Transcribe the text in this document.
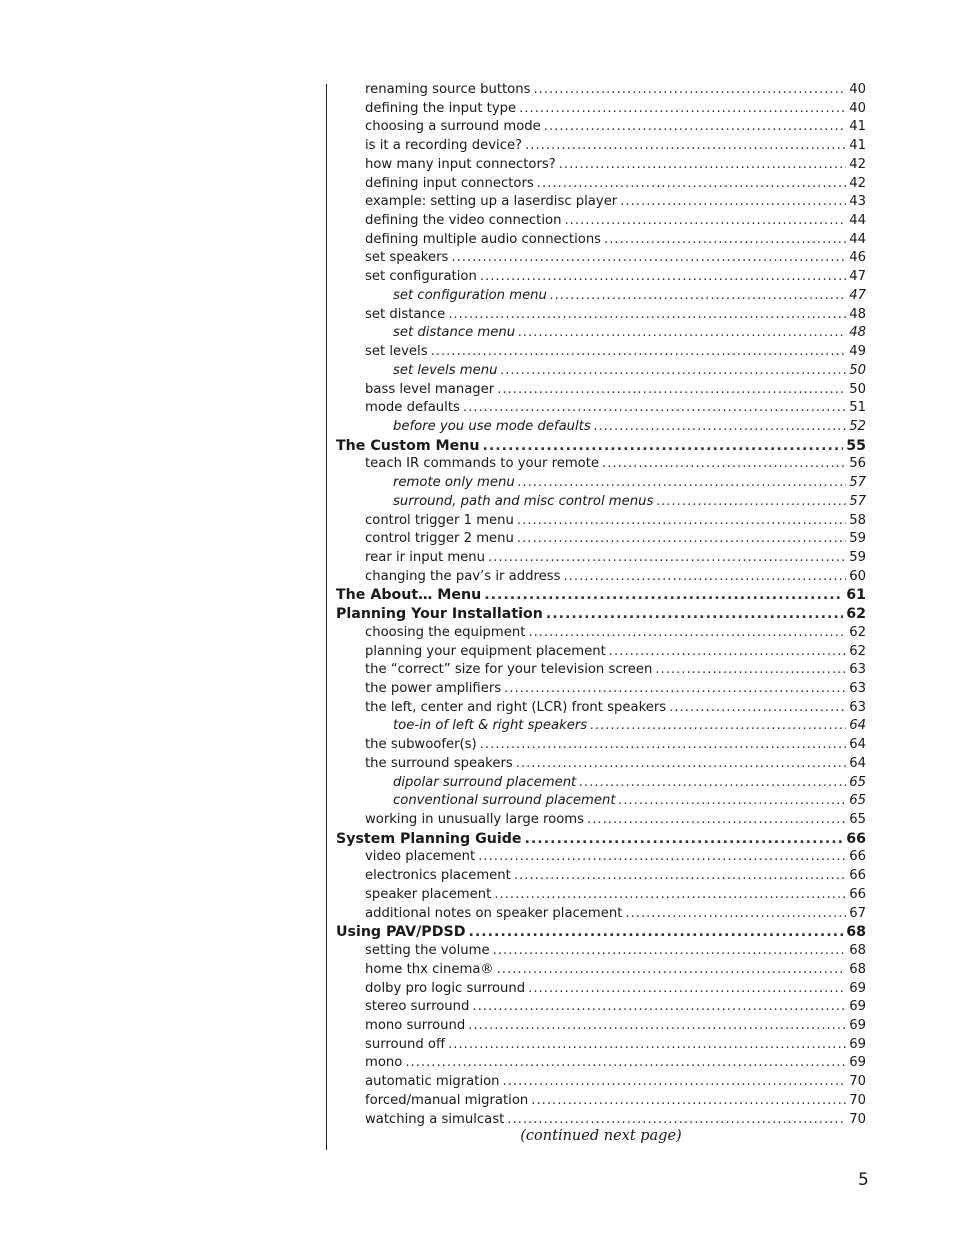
renaming source buttons .....	40
defining the input type .....	40
choosing a surround mode .....	41
is it a recording device? .....	41
how many input connectors? .....	42
defining input connectors .....	42
example: setting up a laserdisc player .....	43
defining the video connection .....	44
defining multiple audio connections .....	44
set speakers .....	46
set configuration .....	47
set configuration menu .....	47
set distance .....	48
set distance menu .....	48
set levels .....	49
set levels menu .....	50
bass level manager .....	50
mode defaults .....	51
before you use mode defaults .....	52
The Custom Menu .....	55
teach IR commands to your remote .....	56
remote only menu .....	57
surround, path and misc control menus .....	57
control trigger 1 menu .....	58
control trigger 2 menu .....	59
rear ir input menu .....	59
changing the pav’s ir address .....	60
The About… Menu .....	61
Planning Your Installation .....	62
choosing the equipment .....	62
planning your equipment placement .....	62
the “correct” size for your television screen .....	63
the power amplifiers .....	63
the left, center and right (LCR) front speakers .....	63
toe-in of left & right speakers .....	64
the subwoofer(s) .....	64
the surround speakers .....	64
dipolar surround placement .....	65
conventional surround placement .....	65
working in unusually large rooms .....	65
System Planning Guide .....	66
video placement .....	66
electronics placement .....	66
speaker placement .....	66
additional notes on speaker placement .....	67
Using PAV/PDSD .....	68
setting the volume .....	68
home thx cinema® .....	68
dolby pro logic surround .....	69
stereo surround .....	69
mono surround .....	69
surround off .....	69
mono .....	69
automatic migration .....	70
forced/manual migration .....	70
watching a simulcast .....	70
(continued next page)
5
